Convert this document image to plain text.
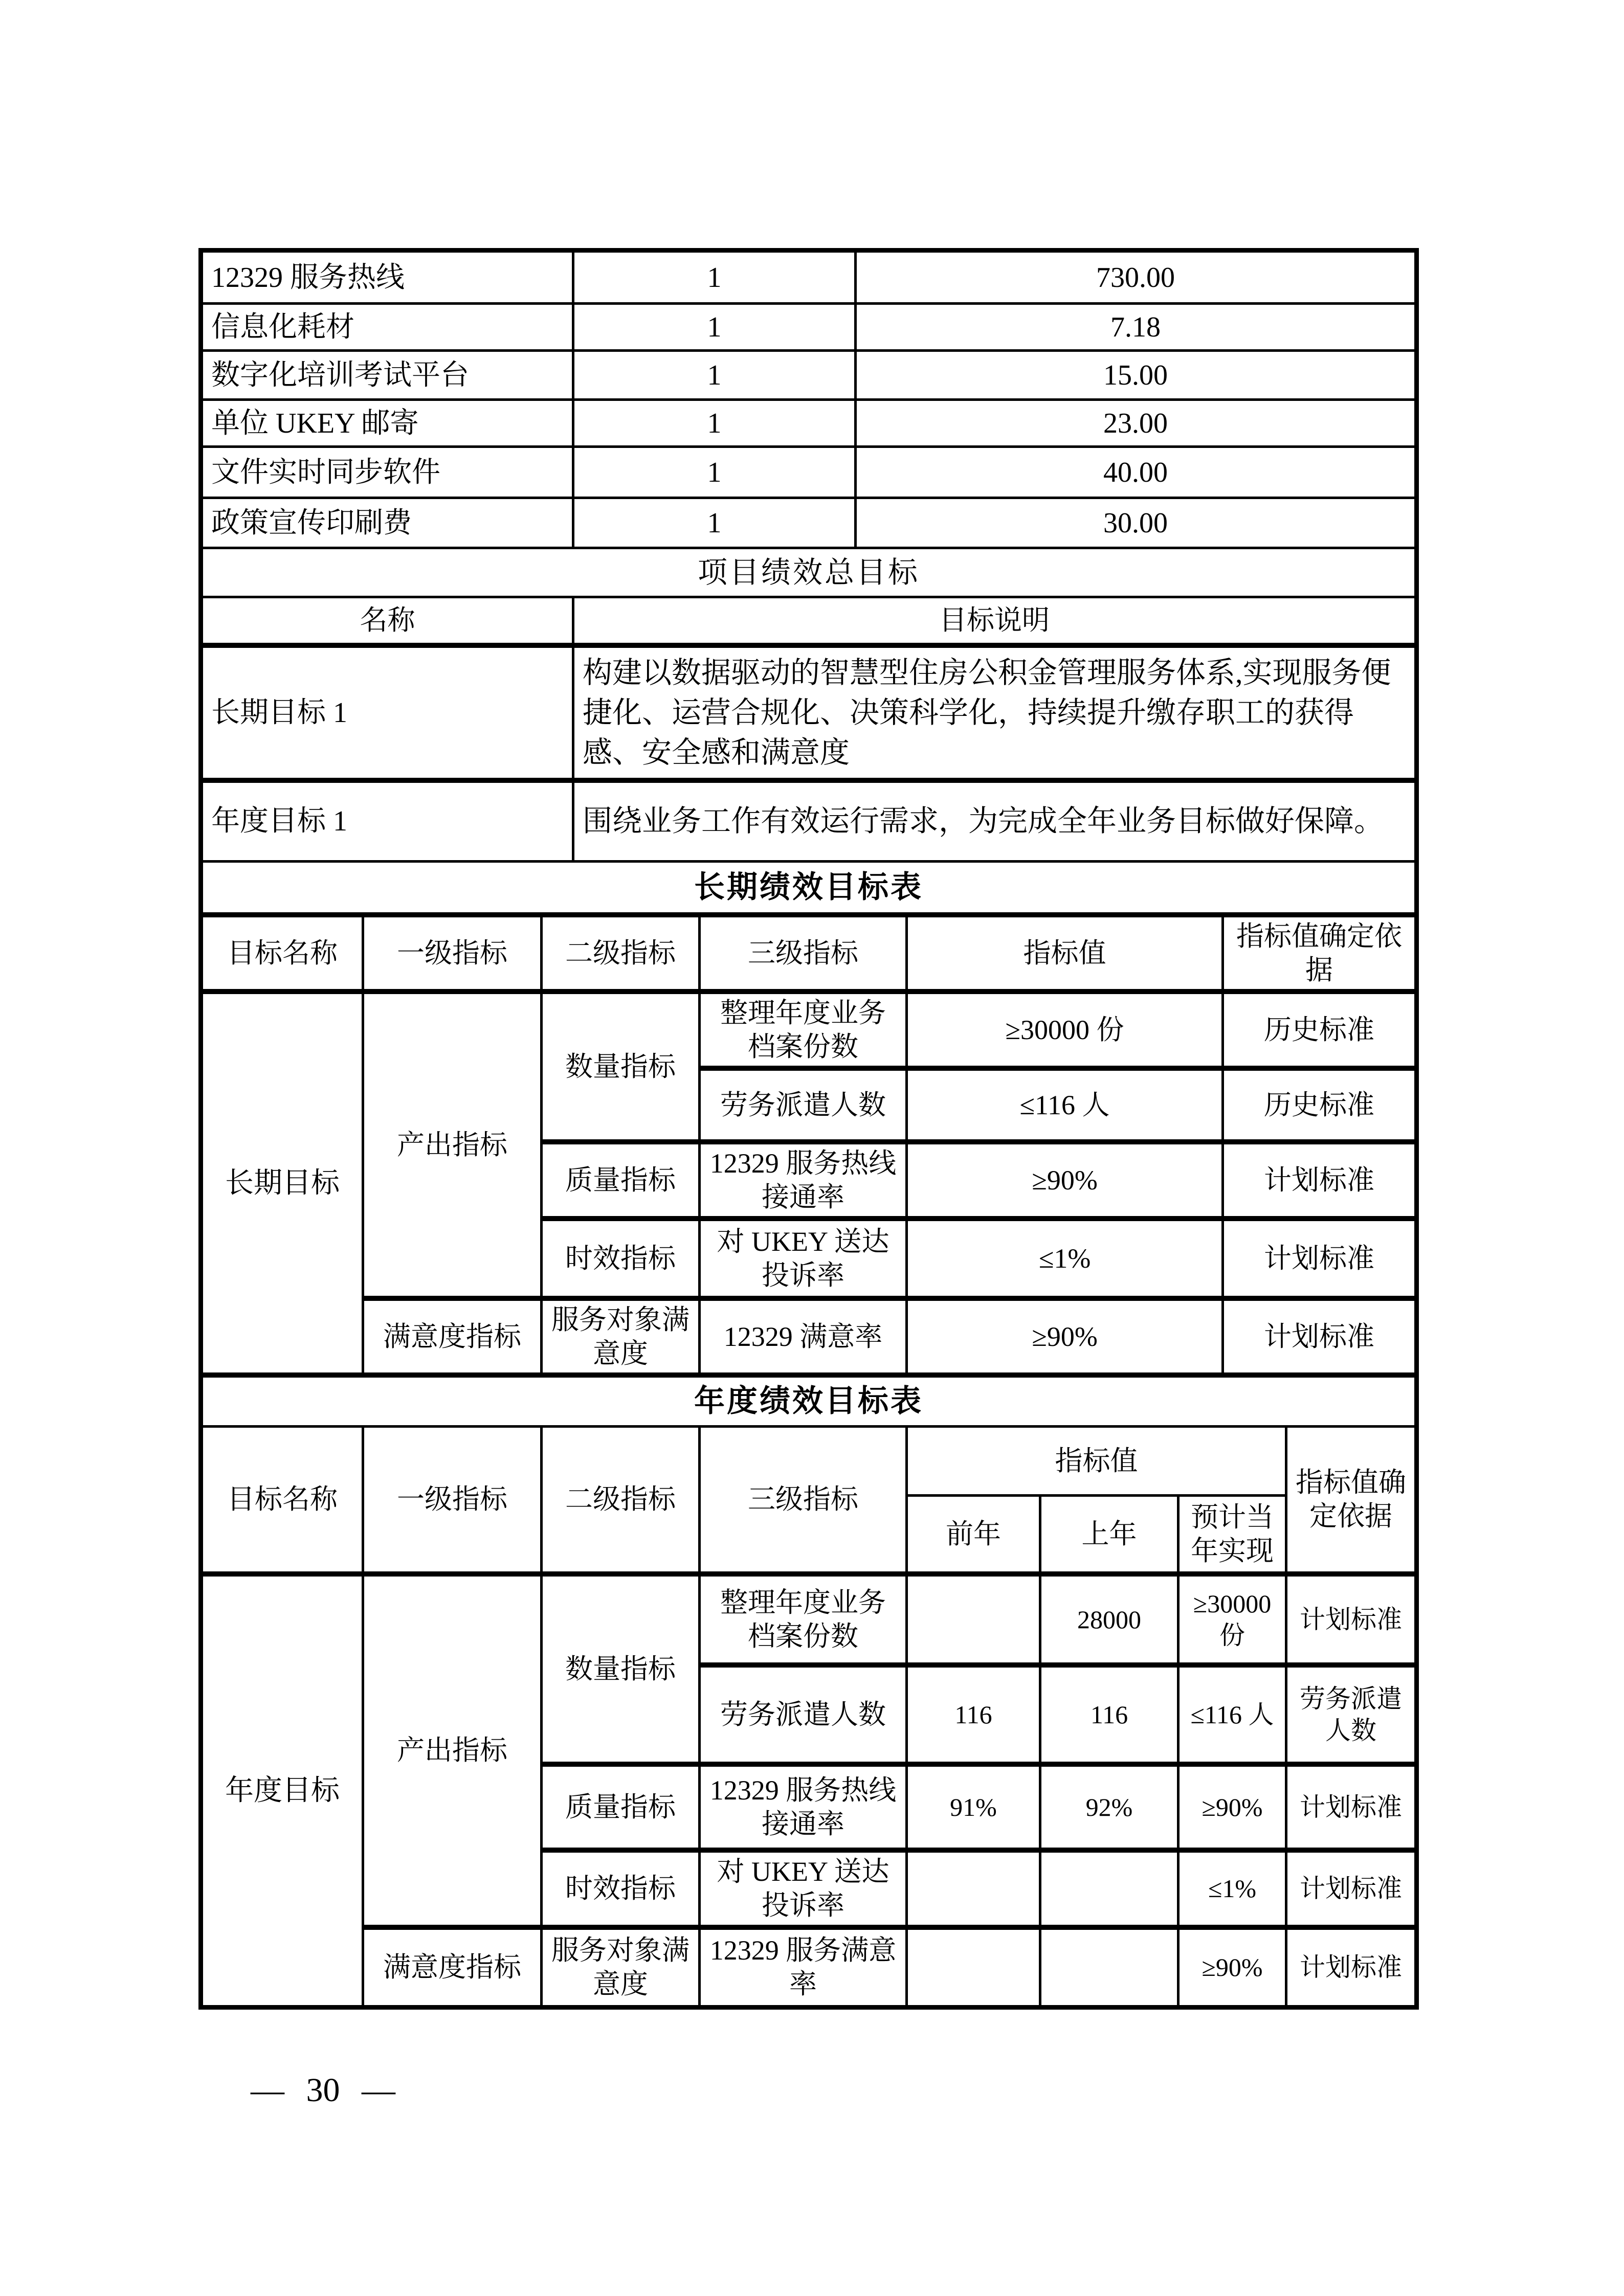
12329 服务热线			1		730.00					
信息化耗材			1		7.18					
数字化培训考试平台			1		15.00					
单位 UKEY 邮寄			1		23.00					
文件实时同步软件			1		40.00					
政策宣传印刷费			1		30.00					
项目绩效总目标										
名称			目标说明							
长期目标 1			构建以数据驱动的智慧型住房公积金管理服务体系,实现服务便捷化、运营合规化、决策科学化，持续提升缴存职工的获得感、安全感和满意度							
年度目标 1			围绕业务工作有效运行需求，为完成全年业务目标做好保障。							
长期绩效目标表										
目标名称	一级指标	二级指标		三级指标		指标值			指标值确定依据	
长期目标	产出指标	数量指标		整理年度业务档案份数		≥30000 份			历史标准	
				劳务派遣人数		≤116 人			历史标准	
		质量指标		12329 服务热线接通率		≥90%			计划标准	
		时效指标		对 UKEY 送达投诉率		≤1%			计划标准	
	满意度指标	服务对象满意度		12329 满意率		≥90%			计划标准	
年度绩效目标表										
目标名称	一级指标	二级指标		三级指标		指标值				指标值确定依据
						前年	上年	预计当年实现		
年度目标	产出指标	数量指标		整理年度业务档案份数			28000	≥30000 份		计划标准
				劳务派遣人数		116	116	≤116 人		劳务派遣人数
		质量指标		12329 服务热线接通率		91%	92%	≥90%		计划标准
		时效指标		对 UKEY 送达投诉率				≤1%		计划标准
	满意度指标	服务对象满意度		12329 服务满意率				≥90%		计划标准
— 30 —
